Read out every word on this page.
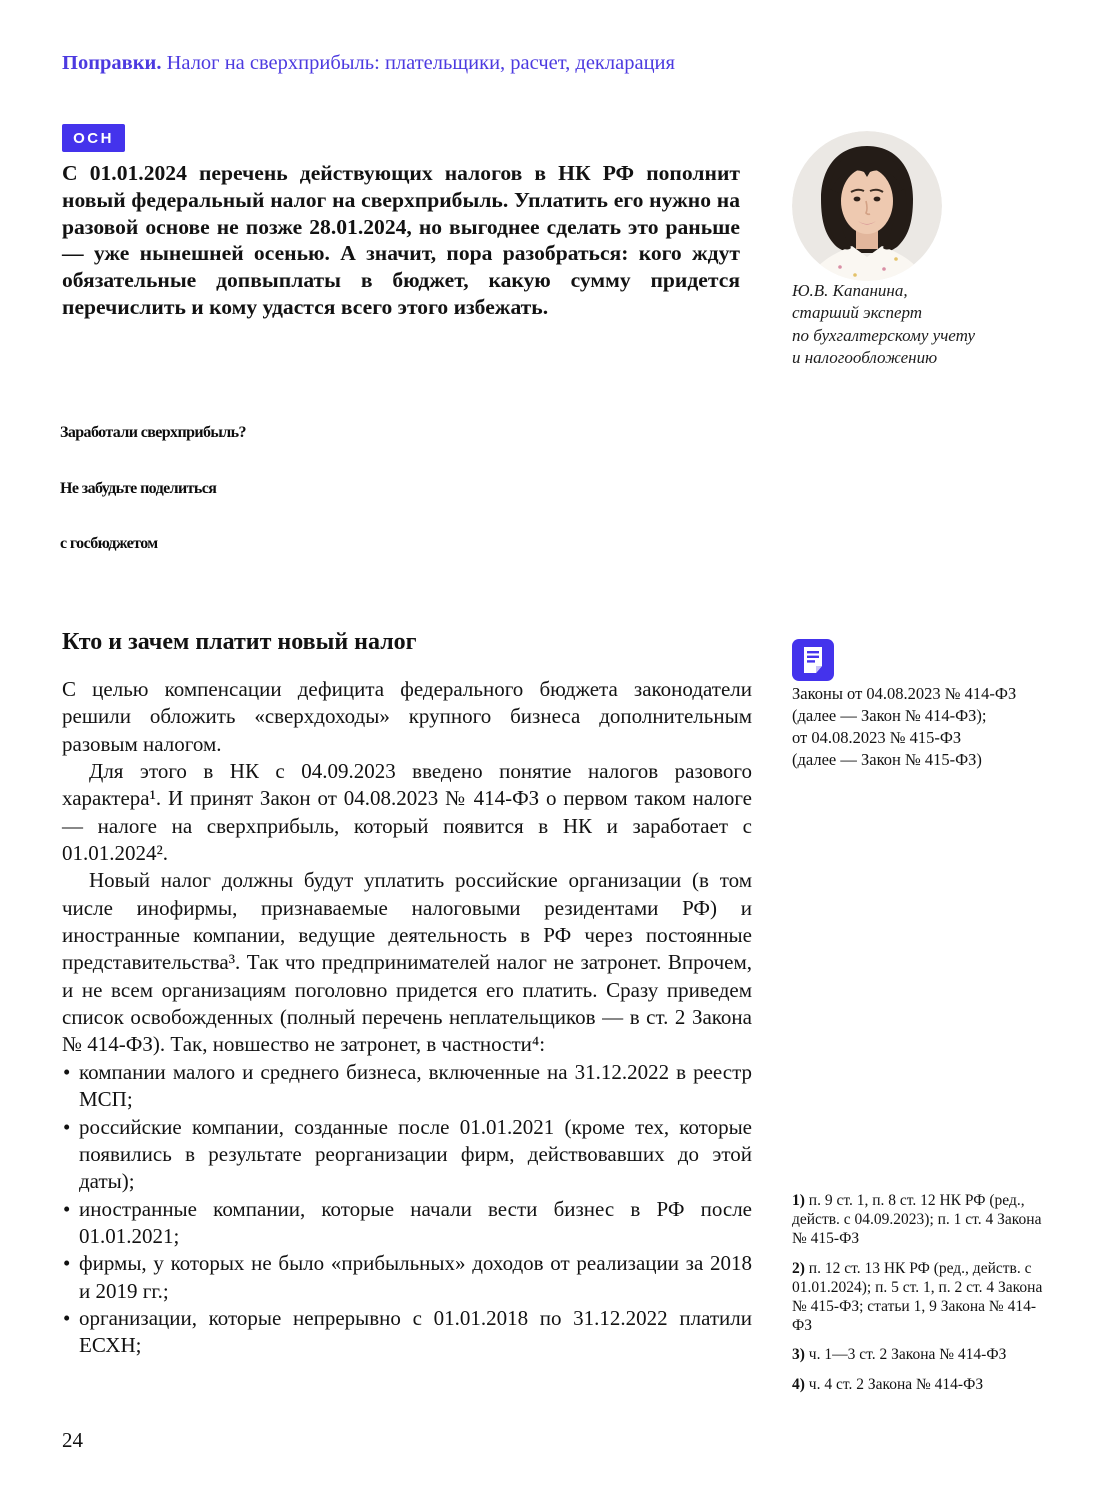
Поправки. Налог на сверхприбыль: плательщики, расчет, декларация
ОСН
С 01.01.2024 перечень действующих налогов в НК РФ пополнит новый федеральный налог на сверхприбыль. Уплатить его нужно на разовой основе не позже 28.01.2024, но выгоднее сделать это раньше — уже нынешней осенью. А значит, пора разобраться: кого ждут обязательные допвыплаты в бюджет, какую сумму придется перечислить и кому удастся всего этого избежать.
Ю.В. Капанина,
старший эксперт
по бухгалтерскому учету
и налогообложению
Заработали сверхприбыль?
Не забудьте поделиться
с госбюджетом
Кто и зачем платит новый налог

С целью компенсации дефицита федерального бюджета законодатели решили обложить «сверхдоходы» крупного бизнеса дополнительным разовым налогом.

Для этого в НК с 04.09.2023 введено понятие налогов разового характера¹. И принят Закон от 04.08.2023 № 414-ФЗ о первом таком налоге — налоге на сверхприбыль, который появится в НК и заработает с 01.01.2024².

Новый налог должны будут уплатить российские организации (в том числе инофирмы, признаваемые налоговыми резидентами РФ) и иностранные компании, ведущие деятельность в РФ через постоянные представительства³. Так что предпринимателей налог не затронет. Впрочем, и не всем организациям поголовно придется его платить. Сразу приведем список освобожденных (полный перечень неплательщиков — в ст. 2 Закона № 414-ФЗ). Так, новшество не затронет, в частности⁴:

• компании малого и среднего бизнеса, включенные на 31.12.2022 в реестр МСП;
• российские компании, созданные после 01.01.2021 (кроме тех, которые появились в результате реорганизации фирм, действовавших до этой даты);
• иностранные компании, которые начали вести бизнес в РФ после 01.01.2021;
• фирмы, у которых не было «прибыльных» доходов от реализации за 2018 и 2019 гг.;
• организации, которые непрерывно с 01.01.2018 по 31.12.2022 платили ЕСХН;
Законы от 04.08.2023 № 414-ФЗ
(далее — Закон № 414-ФЗ);
от 04.08.2023 № 415-ФЗ
(далее — Закон № 415-ФЗ)
1) п. 9 ст. 1, п. 8 ст. 12 НК РФ (ред., действ. с 04.09.2023); п. 1 ст. 4 Закона № 415-ФЗ
2) п. 12 ст. 13 НК РФ (ред., действ. с 01.01.2024); п. 5 ст. 1, п. 2 ст. 4 Закона № 415-ФЗ; статьи 1, 9 Закона № 414-ФЗ
3) ч. 1—3 ст. 2 Закона № 414-ФЗ
4) ч. 4 ст. 2 Закона № 414-ФЗ
24
